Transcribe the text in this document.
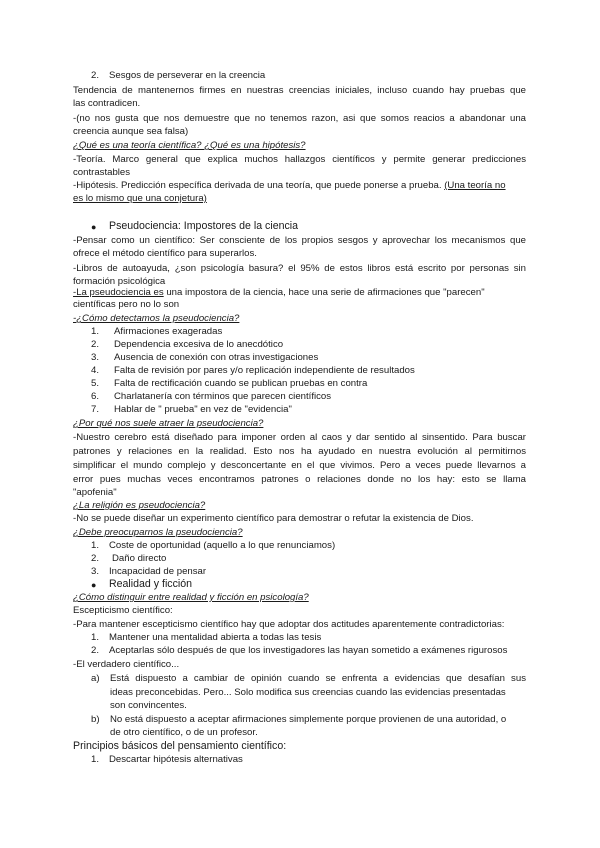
2. Sesgos de perseverar en la creencia
Tendencia de mantenernos firmes en nuestras creencias iniciales, incluso cuando hay pruebas que
las contradicen.
-(no nos gusta que nos demuestre que no tenemos razon, asi que somos reacios a abandonar una
creencia aunque sea falsa)
¿Qué es una teoría científica? ¿Qué es una hipótesis?
-Teoría. Marco general que explica muchos hallazgos científicos y permite generar predicciones
contrastables
-Hipótesis. Predicción específica derivada de una teoría, que puede ponerse a prueba. (Una teoría no
es lo mismo que una conjetura)
● Pseudociencia: Impostores de la ciencia
-Pensar como un científico: Ser consciente de los propios sesgos y aprovechar los mecanismos que
ofrece el método científico para superarlos.
-Libros de autoayuda, ¿son psicología basura? el 95% de estos libros está escrito por personas sin
formación psicológica
-La pseudociencia es una impostora de la ciencia, hace una serie de afirmaciones que "parecen"
científicas pero no lo son
-¿Cómo detectamos la pseudociencia?
1. Afirmaciones exageradas
2. Dependencia excesiva de lo anecdótico
3. Ausencia de conexión con otras investigaciones
4. Falta de revisión por pares y/o replicación independiente de resultados
5. Falta de rectificación cuando se publican pruebas en contra
6. Charlatanería con términos que parecen científicos
7. Hablar de " prueba" en vez de "evidencia"
¿Por qué nos suele atraer la pseudociencia?
-Nuestro cerebro está diseñado para imponer orden al caos y dar sentido al sinsentido. Para buscar
patrones y relaciones en la realidad. Esto nos ha ayudado en nuestra evolución al permitirnos
simplificar el mundo complejo y desconcertante en el que vivimos. Pero a veces puede llevarnos a
error pues muchas veces encontramos patrones o relaciones donde no los hay: esto se llama
"apofenia"
¿La religión es pseudociencia?
-No se puede diseñar un experimento científico para demostrar o refutar la existencia de Dios.
¿Debe preocuparnos la pseudociencia?
1. Coste de oportunidad (aquello a lo que renunciamos)
2. Daño directo
3. Incapacidad de pensar
● Realidad y ficción
¿Cómo distinguir entre realidad y ficción en psicología?
Escepticismo científico:
-Para mantener escepticismo científico hay que adoptar dos actitudes aparentemente contradictorias:
1. Mantener una mentalidad abierta a todas las tesis
2. Aceptarlas sólo después de que los investigadores las hayan sometido a exámenes rigurosos
-El verdadero científico...
a) Está dispuesto a cambiar de opinión cuando se enfrenta a evidencias que desafían sus
ideas preconcebidas. Pero... Solo modifica sus creencias cuando las evidencias presentadas
son convincentes.
b) No está dispuesto a aceptar afirmaciones simplemente porque provienen de una autoridad, o
de otro científico, o de un profesor.
Principios básicos del pensamiento científico:
1. Descartar hipótesis alternativas
